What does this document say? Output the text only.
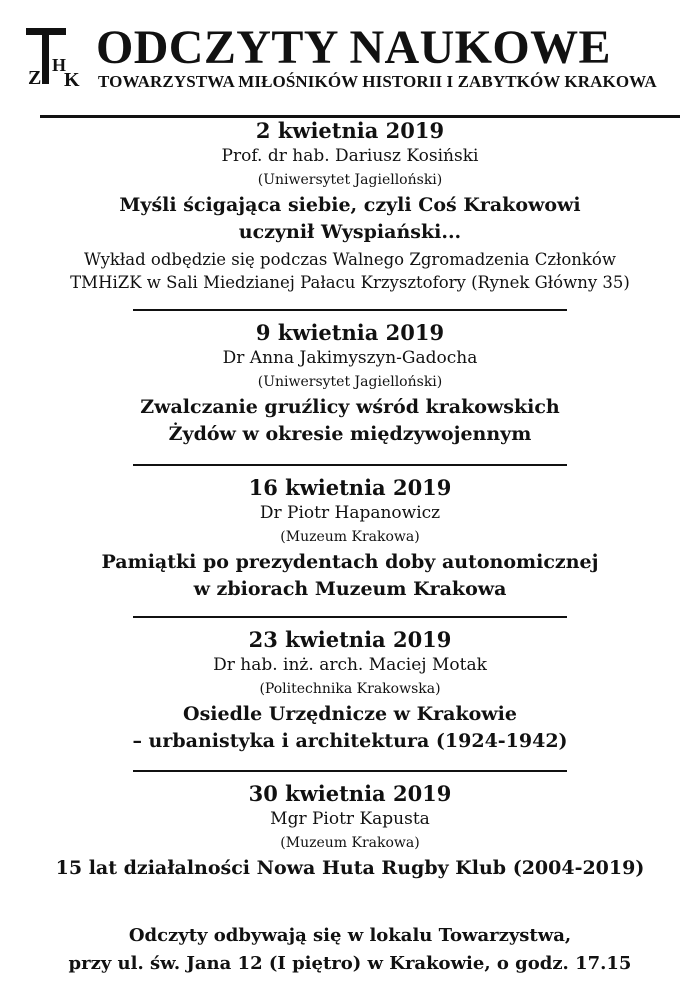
Z
H
K
ODCZYTY NAUKOWE
TOWARZYSTWA MIŁOŚNIKÓW HISTORII I ZABYTKÓW KRAKOWA
2 kwietnia 2019
Prof. dr hab. Dariusz Kosiński
(Uniwersytet Jagielloński)
Myśli ścigająca siebie, czyli Coś Krakowowi
uczynił Wyspiański...
Wykład odbędzie się podczas Walnego Zgromadzenia Członków
TMHiZK w Sali Miedzianej Pałacu Krzysztofory (Rynek Główny 35)
9 kwietnia 2019
Dr Anna Jakimyszyn-Gadocha
(Uniwersytet Jagielloński)
Zwalczanie gruźlicy wśród krakowskich
Żydów w okresie międzywojennym
16 kwietnia 2019
Dr Piotr Hapanowicz
(Muzeum Krakowa)
Pamiątki po prezydentach doby autonomicznej
w zbiorach Muzeum Krakowa
23 kwietnia 2019
Dr hab. inż. arch. Maciej Motak
(Politechnika Krakowska)
Osiedle Urzędnicze w Krakowie
– urbanistyka i architektura (1924-1942)
30 kwietnia 2019
Mgr Piotr Kapusta
(Muzeum Krakowa)
15 lat działalności Nowa Huta Rugby Klub (2004-2019)
Odczyty odbywają się w lokalu Towarzystwa,
przy ul. św. Jana 12 (I piętro) w Krakowie, o godz. 17.15
